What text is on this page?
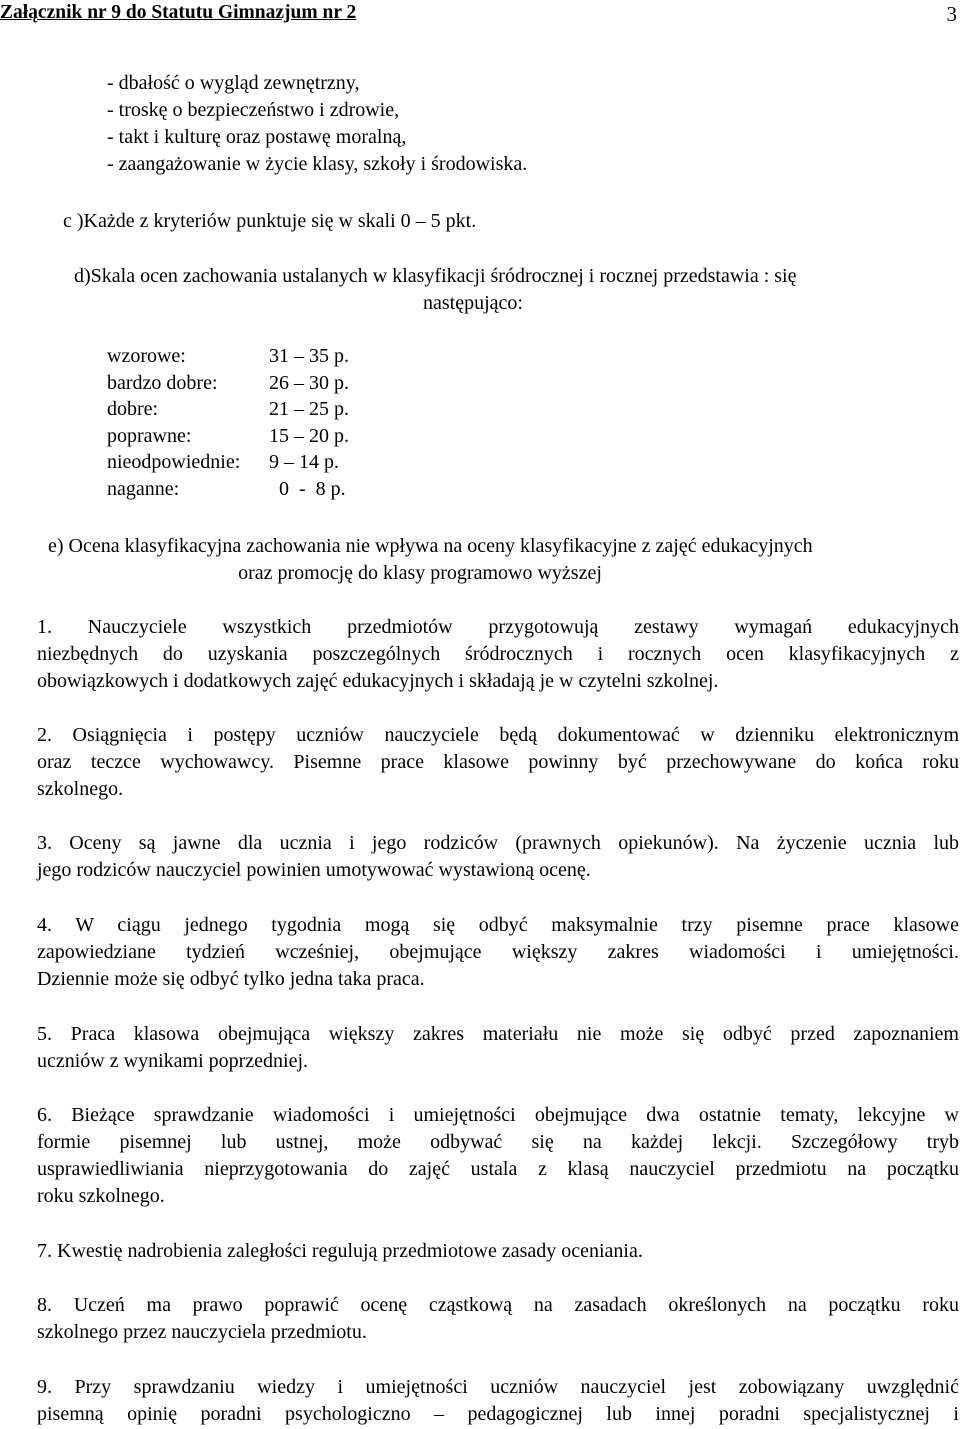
Załącznik nr 9 do Statutu Gimnazjum nr 2	3
- dbałość o wygląd zewnętrzny,
- troskę o bezpieczeństwo i zdrowie,
- takt i kulturę oraz postawę moralną,
- zaangażowanie w życie klasy, szkoły i środowiska.
c )Każde z kryteriów punktuje się w skali 0 – 5 pkt.
d)Skala ocen zachowania ustalanych w klasyfikacji śródrocznej i rocznej przedstawia : się
następująco:
wzorowe:	31 – 35 p.
bardzo dobre:	26 – 30 p.
dobre:	21 – 25 p.
poprawne:	15 – 20 p.
nieodpowiednie:	9 – 14 p.
naganne:	0  -  8 p.
e) Ocena klasyfikacyjna zachowania nie wpływa na oceny klasyfikacyjne z zajęć edukacyjnych
oraz promocję do klasy programowo wyższej
1. Nauczyciele wszystkich przedmiotów przygotowują zestawy wymagań edukacyjnych
niezbędnych do uzyskania poszczególnych śródrocznych i rocznych ocen klasyfikacyjnych z
obowiązkowych i dodatkowych zajęć edukacyjnych i składają je w czytelni szkolnej.
2. Osiągnięcia i postępy uczniów nauczyciele będą dokumentować w dzienniku elektronicznym
oraz teczce wychowawcy. Pisemne prace klasowe powinny być przechowywane do końca roku
szkolnego.
3. Oceny są jawne dla ucznia i jego rodziców (prawnych opiekunów). Na życzenie ucznia lub
jego rodziców nauczyciel powinien umotywować wystawioną ocenę.
4. W ciągu jednego tygodnia mogą się odbyć maksymalnie trzy pisemne prace klasowe
zapowiedziane tydzień wcześniej, obejmujące większy zakres wiadomości i umiejętności.
Dziennie może się odbyć tylko jedna taka praca.
5. Praca klasowa obejmująca większy zakres materiału nie może się odbyć przed zapoznaniem
uczniów z wynikami poprzedniej.
6. Bieżące sprawdzanie wiadomości i umiejętności obejmujące dwa ostatnie tematy, lekcyjne w
formie pisemnej lub ustnej, może odbywać się na każdej lekcji. Szczegółowy tryb
usprawiedliwiania nieprzygotowania do zajęć ustala z klasą nauczyciel przedmiotu na początku
roku szkolnego.
7. Kwestię nadrobienia zaległości regulują przedmiotowe zasady oceniania.
8. Uczeń ma prawo poprawić ocenę cząstkową na zasadach określonych na początku roku
szkolnego przez nauczyciela przedmiotu.
9. Przy sprawdzaniu wiedzy i umiejętności uczniów nauczyciel jest zobowiązany uwzględnić
pisemną opinię poradni psychologiczno – pedagogicznej lub innej poradni specjalistycznej i
